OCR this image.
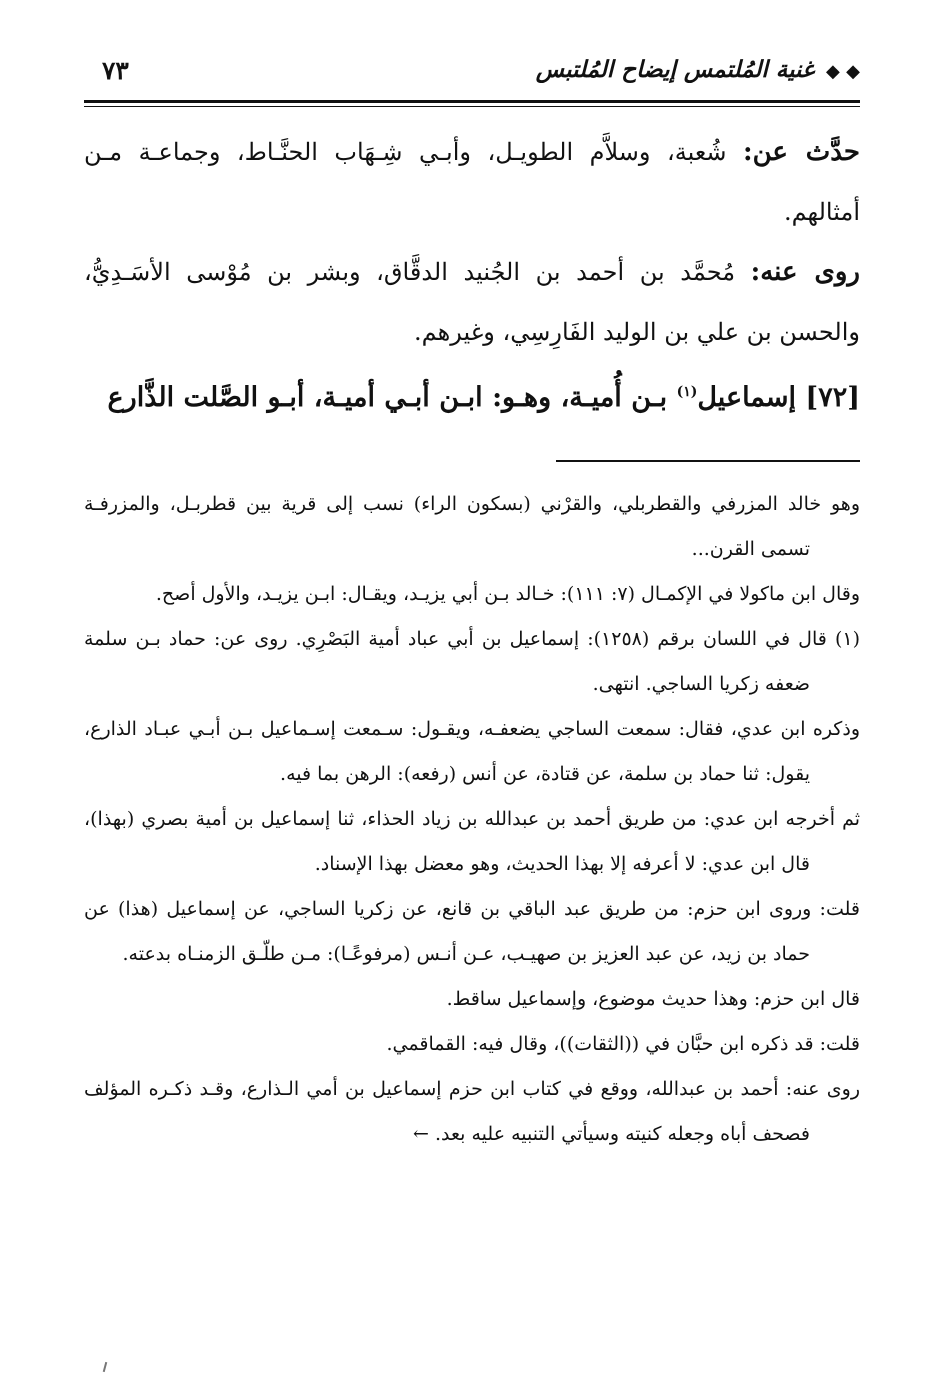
◆ ◆ غنية المُلتمس إيضاح المُلتبس
٧٣

حدَّث عن: شُعبة، وسلاَّم الطويـل، وأبـي شِـهَاب الحنَّـاط، وجماعـة مـن أمثالهم.

روى عنه: مُحمَّد بن أحمد بن الجُنيد الدقَّاق، وبشر بن مُوْسى الأسَـدِيُّ، والحسن بن علي بن الوليد الفَارِسِي، وغيرهم.

[٧٢] إسماعيل$^{(١)}$ بـن أُميـة، وهـو: ابـن أبـي أميـة، أبـو الصَّلت الذَّارع

وهو خالد المزرفي والقطربلي، والقرْني (بسكون الراء) نسب إلى قرية بين قطربـل، والمزرفـة تسمى القرن...

وقال ابن ماكولا في الإكمـال (٧: ١١١): خـالد بـن أبي يزيـد، ويقـال: ابـن يزيـد، والأول أصح.

(١) قال في اللسان برقم (١٢٥٨): إسماعيل بن أبي عباد أمية البَصْرِي. روى عن: حماد بـن سلمة ضعفه زكريا الساجي. انتهى.

وذكره ابن عدي، فقال: سمعت الساجي يضعفـه، ويقـول: سـمعت إسـماعيل بـن أبـي عبـاد الذارع، يقول: ثنا حماد بن سلمة، عن قتادة، عن أنس (رفعه): الرهن بما فيه.

ثم أخرجه ابن عدي: من طريق أحمد بن عبدالله بن زياد الحذاء، ثنا إسماعيل بن أمية بصري (بهذا)، قال ابن عدي: لا أعرفه إلا بهذا الحديث، وهو معضل بهذا الإسناد.

قلت: وروى ابن حزم: من طريق عبد الباقي بن قانع، عن زكريا الساجي، عن إسماعيل (هذا) عن حماد بن زيد، عن عبد العزيز بن صهيـب، عـن أنـس (مرفوعًـا): مـن طلّـق الزمنـاه بدعته.

قال ابن حزم: وهذا حديث موضوع، وإسماعيل ساقط.

قلت: قد ذكره ابن حبَّان في ((الثقات))، وقال فيه: القماقمي.

روى عنه: أحمد بن عبدالله، ووقع في كتاب ابن حزم إسماعيل بن أمي الـذارع، وقـد ذكـره المؤلف فصحف أباه وجعله كنيته وسيأتي التنبيه عليه بعد. ←
